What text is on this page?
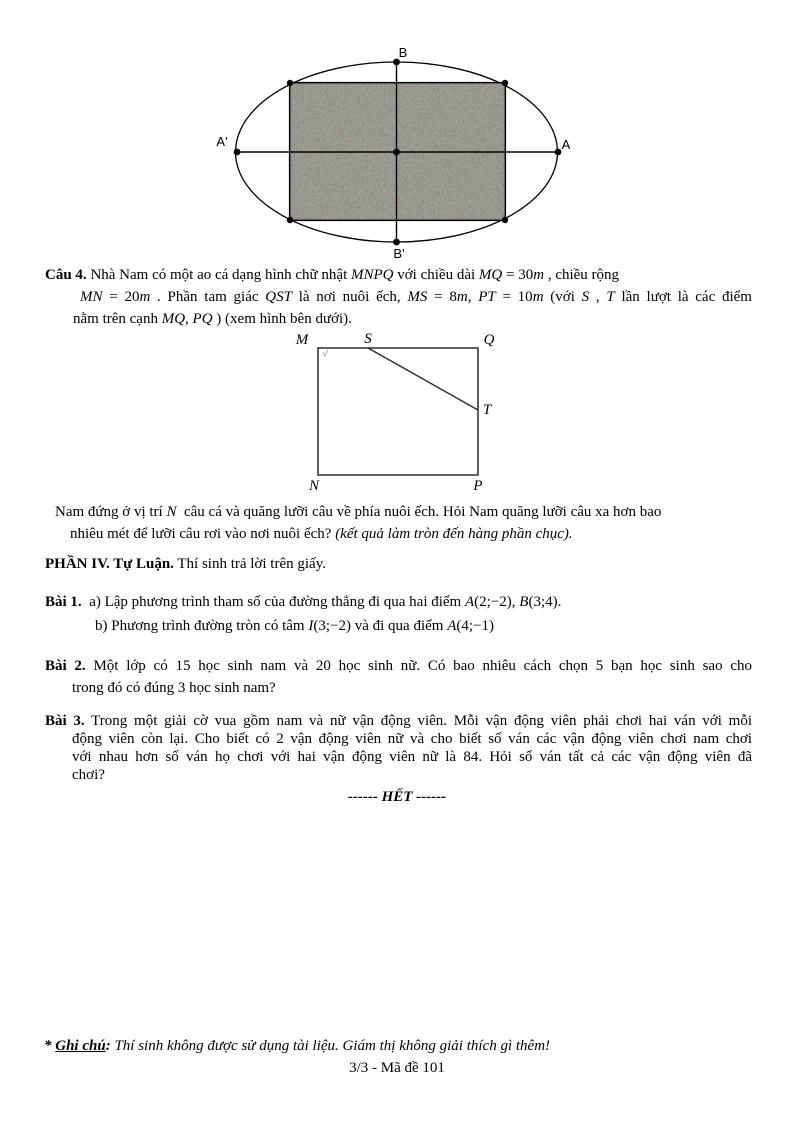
B
B'
A
A'
Câu 4. Nhà Nam có một ao cá dạng hình chữ nhật MNPQ với chiều dài MQ = 30m , chiều rộng
MN = 20m . Phần tam giác QST là nơi nuôi ếch, MS = 8m, PT = 10m (với S , T lần lượt là các điểm
nằm trên cạnh MQ, PQ ) (xem hình bên dưới).
M	S	Q
T
N	P
Nam đứng ở vị trí N  câu cá và quăng lưỡi câu về phía nuôi ếch. Hỏi Nam quăng lưỡi câu xa hơn bao
nhiêu mét để lưỡi câu rơi vào nơi nuôi ếch? (kết quả làm tròn đến hàng phần chục).
PHẦN IV. Tự Luận. Thí sinh trả lời trên giấy.
Bài 1.  a) Lập phương trình tham số của đường thẳng đi qua hai điểm A(2;−2), B(3;4).
b) Phương trình đường tròn có tâm I(3;−2) và đi qua điểm A(4;−1)
Bài 2. Một lớp có 15 học sinh nam và 20 học sinh nữ. Có bao nhiêu cách chọn 5 bạn học sinh sao cho
trong đó có đúng 3 học sinh nam?
Bài 3. Trong một giải cờ vua gồm nam và nữ vận động viên. Mỗi vận động viên phải chơi hai ván với mỗi
động viên còn lại. Cho biết có 2 vận động viên nữ và cho biết số ván các vận động viên chơi nam chơi
với nhau hơn số ván họ chơi với hai vận động viên nữ là 84. Hỏi số ván tất cả các vận động viên đã
chơi?
------ HẾT ------
* Ghi chú: Thí sinh không được sử dụng tài liệu. Giám thị không giải thích gì thêm!
3/3 - Mã đề 101
